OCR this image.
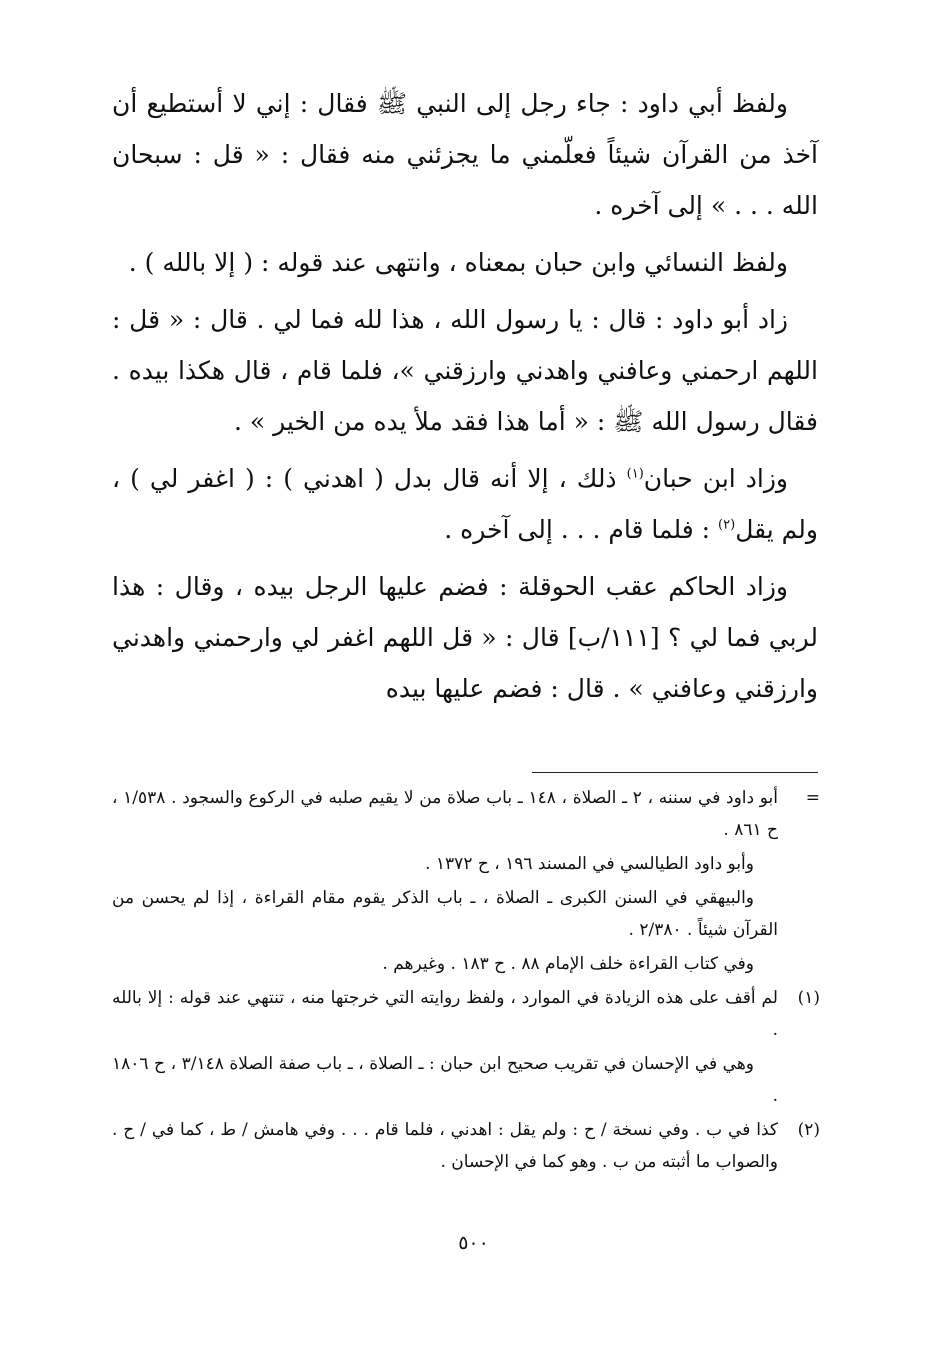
ولفظ أبي داود : جاء رجل إلى النبي ﷺ فقال : إني لا أستطيع أن آخذ من القرآن شيئاً فعلّمني ما يجزئني منه فقال : « قل : سبحان الله . . . » إلى آخره .

ولفظ النسائي وابن حبان بمعناه ، وانتهى عند قوله : ( إلا بالله ) .

زاد أبو داود : قال : يا رسول الله ، هذا لله فما لي . قال : « قل : اللهم ارحمني وعافني واهدني وارزقني »، فلما قام ، قال هكذا بيده . فقال رسول الله ﷺ : « أما هذا فقد ملأ يده من الخير » .

وزاد ابن حبان$^{(١)}$ ذلك ، إلا أنه قال بدل ( اهدني ) : ( اغفر لي ) ، ولم يقل$^{(٢)}$ : فلما قام . . . إلى آخره .

وزاد الحاكم عقب الحوقلة : فضم عليها الرجل بيده ، وقال : هذا لربي فما لي ؟ [١١١/ب] قال : « قل اللهم اغفر لي وارحمني واهدني وارزقني وعافني » . قال : فضم عليها بيده

=
أبو داود في سننه ، ٢ ـ الصلاة ، ١٤٨ ـ باب صلاة من لا يقيم صلبه في الركوع والسجود . ١/٥٣٨ ، ح ٨٦١ .
وأبو داود الطيالسي في المسند ١٩٦ ، ح ١٣٧٢ .
والبيهقي في السنن الكبرى ـ الصلاة ، ـ باب الذكر يقوم مقام القراءة ، إذا لم يحسن من القرآن شيئاً . ٢/٣٨٠ .
وفي كتاب القراءة خلف الإمام ٨٨ . ح ١٨٣ . وغيرهم .
(١)
لم أقف على هذه الزيادة في الموارد ، ولفظ روايته التي خرجتها منه ، تنتهي عند قوله : إلا بالله .
وهي في الإحسان في تقريب صحيح ابن حبان : ـ الصلاة ، ـ باب صفة الصلاة ٣/١٤٨ ، ح ١٨٠٦ .
(٢)
كذا في ب . وفي نسخة / ح : ولم يقل : اهدني ، فلما قام . . . وفي هامش / ط ، كما في / ح . والصواب ما أثبته من ب . وهو كما في الإحسان .
٥٠٠
